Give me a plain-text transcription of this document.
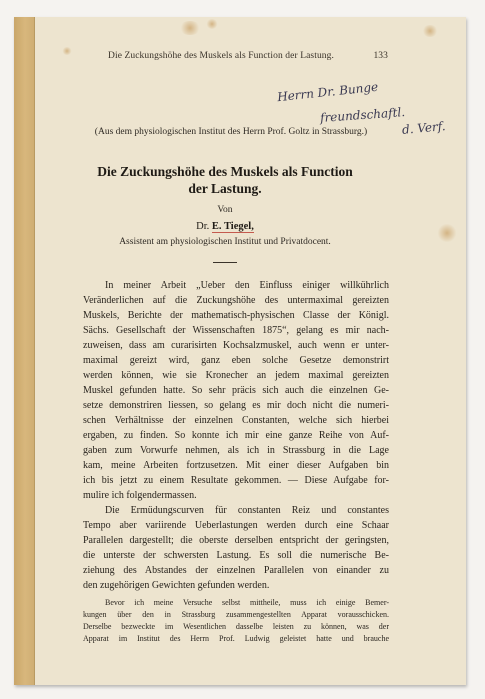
Die Zuckungshöhe des Muskels als Function der Lastung.	133
Herrn Dr. Bunge
freundschaftl.
d. Verf.
(Aus dem physiologischen Institut des Herrn Prof. Goltz in Strassburg.)
Die Zuckungshöhe des Muskels als Function
der Lastung.
Von
Dr. E. Tiegel,
Assistent am physiologischen Institut und Privatdocent.
In meiner Arbeit „Ueber den Einfluss einiger willkührlich
Veränderlichen auf die Zuckungshöhe des untermaximal gereizten
Muskels, Berichte der mathematisch-physischen Classe der Königl.
Sächs. Gesellschaft der Wissenschaften 1875“, gelang es mir nach-
zuweisen, dass am curarisirten Kochsalzmuskel, auch wenn er unter-
maximal gereizt wird, ganz eben solche Gesetze demonstrirt
werden können, wie sie Kronecher an jedem maximal gereizten
Muskel gefunden hatte. So sehr präcis sich auch die einzelnen Ge-
setze demonstriren liessen, so gelang es mir doch nicht die numeri-
schen Verhältnisse der einzelnen Constanten, welche sich hierbei
ergaben, zu finden. So konnte ich mir eine ganze Reihe von Auf-
gaben zum Vorwurfe nehmen, als ich in Strassburg in die Lage
kam, meine Arbeiten fortzusetzen. Mit einer dieser Aufgaben bin
ich bis jetzt zu einem Resultate gekommen. — Diese Aufgabe for-
mulire ich folgendermassen.
Die Ermüdungscurven für constanten Reiz und constantes
Tempo aber variirende Ueberlastungen werden durch eine Schaar
Parallelen dargestellt; die oberste derselben entspricht der geringsten,
die unterste der schwersten Lastung. Es soll die numerische Be-
ziehung des Abstandes der einzelnen Parallelen von einander zu
den zugehörigen Gewichten gefunden werden.
Bevor ich meine Versuche selbst mittheile, muss ich einige Bemer-
kungen über den in Strassburg zusammengestellten Apparat vorausschicken.
Derselbe bezweckte im Wesentlichen dasselbe leisten zu können, was der
Apparat im Institut des Herrn Prof. Ludwig geleistet hatte und brauche
